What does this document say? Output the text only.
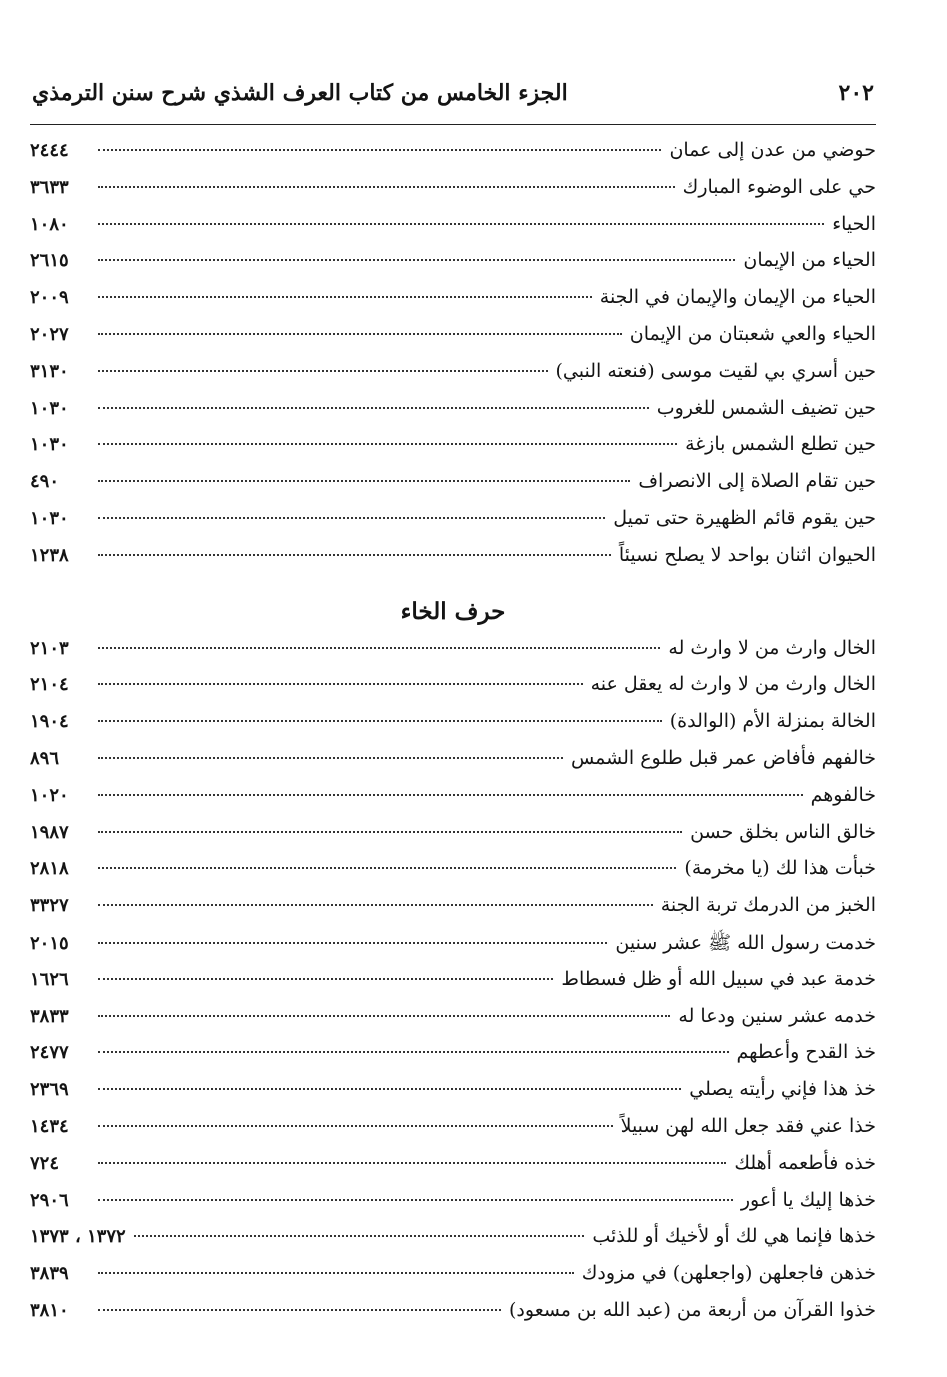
٢٠٢
الجزء الخامس من كتاب العرف الشذي شرح سنن الترمذي
حوضي من عدن إلى عمان
٢٤٤٤
حي على الوضوء المبارك
٣٦٣٣
الحياء
١٠٨٠
الحياء من الإيمان
٢٦١٥
الحياء من الإيمان والإيمان في الجنة
٢٠٠٩
الحياء والعي شعبتان من الإيمان
٢٠٢٧
حين أسري بي لقيت موسى (فنعته النبي)
٣١٣٠
حين تضيف الشمس للغروب
١٠٣٠
حين تطلع الشمس بازغة
١٠٣٠
حين تقام الصلاة إلى الانصراف
٤٩٠
حين يقوم قائم الظهيرة حتى تميل
١٠٣٠
الحيوان اثنان بواحد لا يصلح نسيئاً
١٢٣٨
حرف الخاء
الخال وارث من لا وارث له
٢١٠٣
الخال وارث من لا وارث له يعقل عنه
٢١٠٤
الخالة بمنزلة الأم (الوالدة)
١٩٠٤
خالفهم فأفاض عمر قبل طلوع الشمس
٨٩٦
خالفوهم
١٠٢٠
خالق الناس بخلق حسن
١٩٨٧
خبأت هذا لك (يا مخرمة)
٢٨١٨
الخبز من الدرمك تربة الجنة
٣٣٢٧
خدمت رسول الله ﷺ عشر سنين
٢٠١٥
خدمة عبد في سبيل الله أو ظل فسطاط
١٦٢٦
خدمه عشر سنين ودعا له
٣٨٣٣
خذ القدح وأعطهم
٢٤٧٧
خذ هذا فإني رأيته يصلي
٢٣٦٩
خذا عني فقد جعل الله لهن سبيلاً
١٤٣٤
خذه فأطعمه أهلك
٧٢٤
خذها إليك يا أعور
٢٩٠٦
خذها فإنما هي لك أو لأخيك أو للذئب
١٣٧٢ ، ١٣٧٣
خذهن فاجعلهن (واجعلهن) في مزودك
٣٨٣٩
خذوا القرآن من أربعة من (عبد الله بن مسعود)
٣٨١٠
